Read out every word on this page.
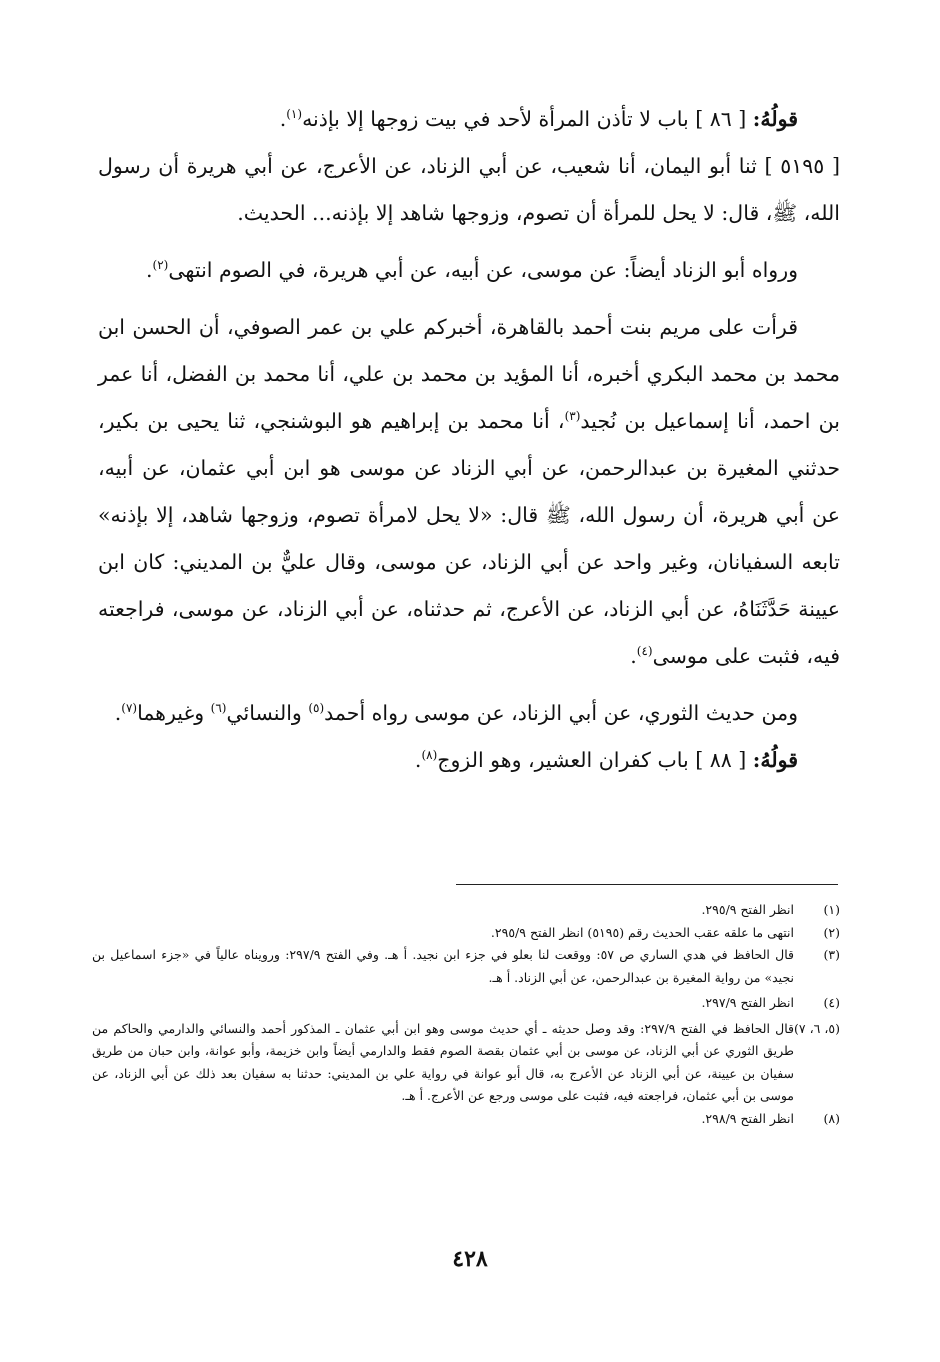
قولُهُ: [ ٨٦ ] باب لا تأذن المرأة لأحد في بيت زوجها إلا بإذنه$^{(١)}$.

[ ٥١٩٥ ] ثنا أبو اليمان، أنا شعيب، عن أبي الزناد، عن الأعرج، عن أبي هريرة أن رسول الله، ﷺ، قال: لا يحل للمرأة أن تصوم، وزوجها شاهد إلا بإذنه... الحديث.

ورواه أبو الزناد أيضاً: عن موسى، عن أبيه، عن أبي هريرة، في الصوم انتهى$^{(٢)}$.

قرأت على مريم بنت أحمد بالقاهرة، أخبركم علي بن عمر الصوفي، أن الحسن ابن محمد بن محمد البكري أخبره، أنا المؤيد بن محمد بن علي، أنا محمد بن الفضل، أنا عمر بن احمد، أنا إسماعيل بن نُجيد$^{(٣)}$، أنا محمد بن إبراهيم هو البوشنجي، ثنا يحيى بن بكير، حدثني المغيرة بن عبدالرحمن، عن أبي الزناد عن موسى هو ابن أبي عثمان، عن أبيه، عن أبي هريرة، أن رسول الله، ﷺ قال: «لا يحل لامرأة تصوم، وزوجها شاهد، إلا بإذنه» تابعه السفيانان، وغير واحد عن أبي الزناد، عن موسى، وقال عليٌّ بن المديني: كان ابن عيينة حَدَّثَنَاهُ، عن أبي الزناد، عن الأعرج، ثم حدثناه، عن أبي الزناد، عن موسى، فراجعته فيه، فثبت على موسى$^{(٤)}$.

ومن حديث الثوري، عن أبي الزناد، عن موسى رواه أحمد$^{(٥)}$ والنسائي$^{(٦)}$ وغيرهما$^{(٧)}$.

قولُهُ: [ ٨٨ ] باب كفران العشير، وهو الزوج$^{(٨)}$.

(١)
انظر الفتح ٢٩٥/٩.
(٢)
انتهى ما علقه عقب الحديث رقم (٥١٩٥) انظر الفتح ٢٩٥/٩.
(٣)
قال الحافظ في هدي الساري ص ٥٧: ووقعت لنا بعلو في جزء ابن نجيد. أ هـ. وفي الفتح ٢٩٧/٩: ورويناه عالياً في «جزء اسماعيل بن نجيد» من رواية المغيرة بن عبدالرحمن، عن أبي الزناد. أ هـ.
(٤)
انظر الفتح ٢٩٧/٩.
(٥، ٦، ٧)
قال الحافظ في الفتح ٢٩٧/٩: وقد وصل حديثه ـ أي حديث موسى وهو ابن أبي عثمان ـ المذكور أحمد والنسائي والدارمي والحاكم من طريق الثوري عن أبي الزناد، عن موسى بن أبي عثمان بقصة الصوم فقط والدارمي أيضاً وابن خزيمة، وأبو عوانة، وابن حبان من طريق سفيان بن عيينة، عن أبي الزناد عن الأعرج به، قال أبو عوانة في رواية علي بن المديني: حدثنا به سفيان بعد ذلك عن أبي الزناد، عن موسى بن أبي عثمان، فراجعته فيه، فثبت على موسى ورجع عن الأعرج. أ هـ.
(٨)
انظر الفتح ٢٩٨/٩.
٤٢٨
